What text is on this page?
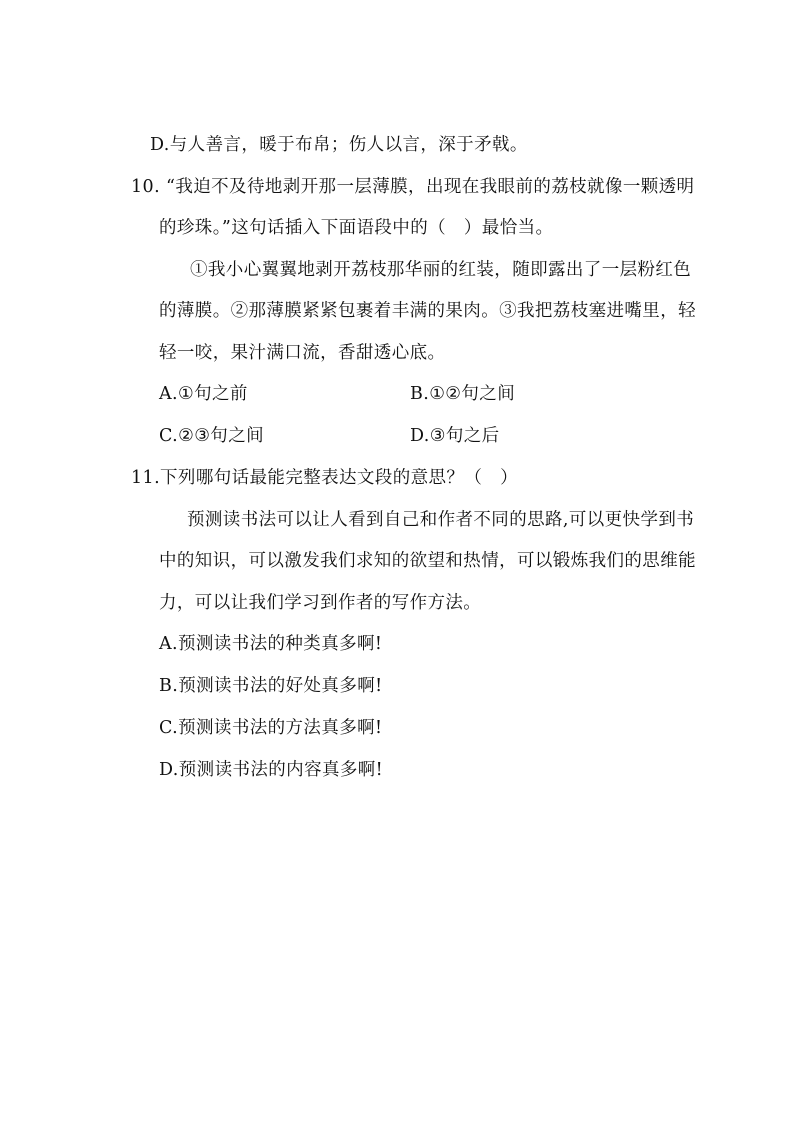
D.与人善言，暖于布帛；伤人以言，深于矛戟。
10. “我迫不及待地剥开那一层薄膜，出现在我眼前的荔枝就像一颗透明
的珍珠。”这句话插入下面语段中的（　）最恰当。
①我小心翼翼地剥开荔枝那华丽的红装，随即露出了一层粉红色
的薄膜。②那薄膜紧紧包裹着丰满的果肉。③我把荔枝塞进嘴里，轻
轻一咬，果汁满口流，香甜透心底。
A.①句之前	B.①②句之间
C.②③句之间	D.③句之后
11.下列哪句话最能完整表达文段的意思？（　）
预测读书法可以让人看到自己和作者不同的思路,可以更快学到书
中的知识，可以激发我们求知的欲望和热情，可以锻炼我们的思维能
力，可以让我们学习到作者的写作方法。
A.预测读书法的种类真多啊!
B.预测读书法的好处真多啊!
C.预测读书法的方法真多啊!
D.预测读书法的内容真多啊!
